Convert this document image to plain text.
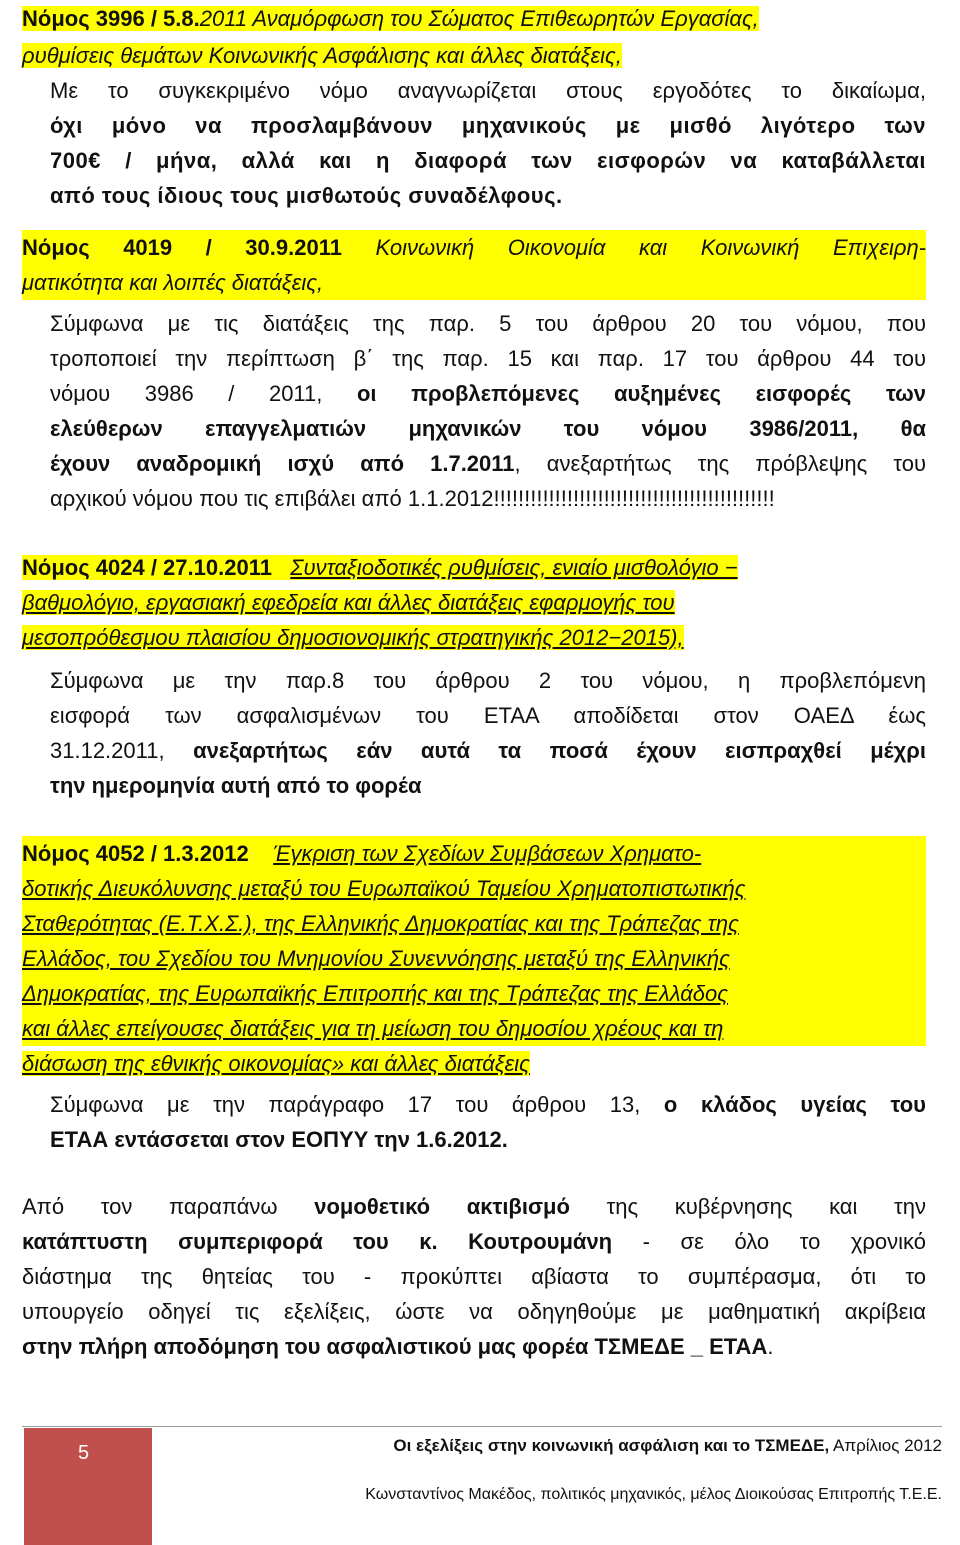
Νόμος 3996 / 5.8.2011 Αναμόρφωση του Σώματος Επιθεωρητών Εργασίας,
ρυθμίσεις θεμάτων Κοινωνικής Ασφάλισης και άλλες διατάξεις,
Με το συγκεκριμένο νόμο αναγνωρίζεται στους εργοδότες το δικαίωμα,
όχι μόνο να προσλαμβάνουν μηχανικούς με μισθό λιγότερο των
700€ / μήνα, αλλά και η διαφορά των εισφορών να καταβάλλεται
από τους ίδιους τους μισθωτούς συναδέλφους.
Νόμος 4019 / 30.9.2011 Κοινωνική Οικονομία και Κοινωνική Επιχειρη-
ματικότητα και λοιπές διατάξεις,
Σύμφωνα με τις διατάξεις της παρ. 5 του άρθρου 20 του νόμου, που
τροποποιεί την περίπτωση β΄ της παρ. 15 και παρ. 17 του άρθρου 44 του
νόμου 3986 / 2011, οι προβλεπόμενες αυξημένες εισφορές των
ελεύθερων επαγγελματιών μηχανικών του νόμου 3986/2011, θα
έχουν αναδρομική ισχύ από 1.7.2011, ανεξαρτήτως της πρόβλεψης του
αρχικού νόμου που τις επιβάλει από 1.1.2012!!!!!!!!!!!!!!!!!!!!!!!!!!!!!!!!!!!!!!!!!!!!!!
Νόμος 4024 / 27.10.2011 Συνταξιοδοτικές ρυθμίσεις, ενιαίο μισθολόγιο −
βαθμολόγιο, εργασιακή εφεδρεία και άλλες διατάξεις εφαρμογής του
μεσοπρόθεσμου πλαισίου δημοσιονομικής στρατηγικής 2012−2015),
Σύμφωνα με την παρ.8 του άρθρου 2 του νόμου, η προβλεπόμενη
εισφορά των ασφαλισμένων του ΕΤΑΑ αποδίδεται στον ΟΑΕΔ έως
31.12.2011, ανεξαρτήτως εάν αυτά τα ποσά έχουν εισπραχθεί μέχρι
την ημερομηνία αυτή από το φορέα
Νόμος 4052 / 1.3.2012 Έγκριση των Σχεδίων Συμβάσεων Χρηματο-
δοτικής Διευκόλυνσης μεταξύ του Ευρωπαϊκού Ταμείου Χρηματοπιστωτικής
Σταθερότητας (Ε.Τ.Χ.Σ.), της Ελληνικής Δημοκρατίας και της Τράπεζας της
Ελλάδος, του Σχεδίου του Μνημονίου Συνεννόησης μεταξύ της Ελληνικής
Δημοκρατίας, της Ευρωπαϊκής Επιτροπής και της Τράπεζας της Ελλάδος
και άλλες επείγουσες διατάξεις για τη μείωση του δημοσίου χρέους και τη
διάσωση της εθνικής οικονομίας» και άλλες διατάξεις
Σύμφωνα με την παράγραφο 17 του άρθρου 13, ο κλάδος υγείας του
ΕΤΑΑ εντάσσεται στον ΕΟΠΥΥ την 1.6.2012.
Από τον παραπάνω νομοθετικό ακτιβισμό της κυβέρνησης και την
κατάπτυστη συμπεριφορά του κ. Κουτρουμάνη - σε όλο το χρονικό
διάστημα της θητείας του - προκύπτει αβίαστα το συμπέρασμα, ότι το
υπουργείο οδηγεί τις εξελίξεις, ώστε να οδηγηθούμε με μαθηματική ακρίβεια
στην πλήρη αποδόμηση του ασφαλιστικού μας φορέα ΤΣΜΕΔΕ _ ΕΤΑΑ.
5	Οι εξελίξεις στην κοινωνική ασφάλιση και το ΤΣΜΕΔΕ, Απρίλιος 2012
Κωνσταντίνος Μακέδος, πολιτικός μηχανικός, μέλος Διοικούσας Επιτροπής Τ.Ε.Ε.
